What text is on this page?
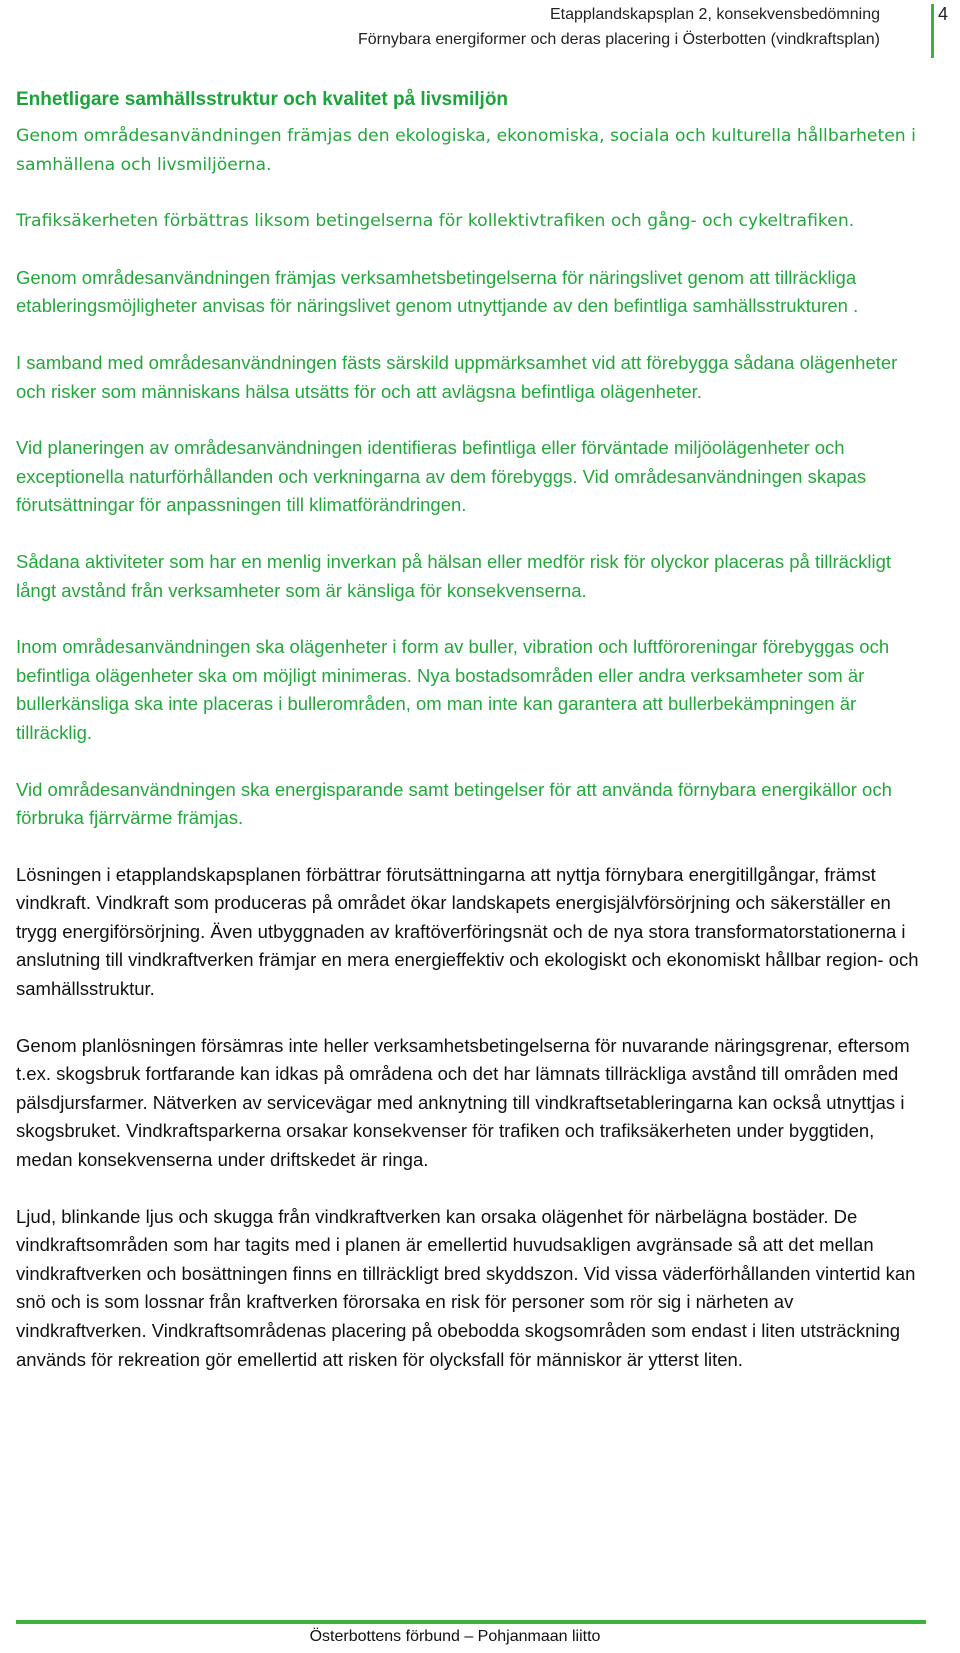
Etapplandskapsplan 2, konsekvensbedömning
Förnybara energiformer och deras placering i Österbotten (vindkraftsplan)
4
Enhetligare samhällsstruktur och kvalitet på livsmiljön

Genom områdesanvändningen främjas den ekologiska, ekonomiska, sociala och kulturella hållbarheten i samhällena och livsmiljöerna.

Trafiksäkerheten förbättras liksom betingelserna för kollektivtrafiken och gång- och cykeltrafiken.

Genom områdesanvändningen främjas verksamhetsbetingelserna för näringslivet genom att tillräckliga etableringsmöjligheter anvisas för näringslivet genom utnyttjande av den befintliga samhällsstrukturen .

I samband med områdesanvändningen fästs särskild uppmärksamhet vid att förebygga sådana olägenheter och risker som människans hälsa utsätts för och att avlägsna befintliga olägenheter.

Vid planeringen av områdesanvändningen identifieras befintliga eller förväntade miljöolägenheter och exceptionella naturförhållanden och verkningarna av dem förebyggs. Vid områdesanvändningen skapas förutsättningar för anpassningen till klimatförändringen.

Sådana aktiviteter som har en menlig inverkan på hälsan eller medför risk för olyckor placeras på tillräckligt långt avstånd från verksamheter som är känsliga för konsekvenserna.

Inom områdesanvändningen ska olägenheter i form av buller, vibration och luftföroreningar förebyggas och befintliga olägenheter ska om möjligt minimeras. Nya bostadsområden eller andra verksamheter som är bullerkänsliga ska inte placeras i bullerområden, om man inte kan garantera att bullerbekämpningen är tillräcklig.

Vid områdesanvändningen ska energisparande samt betingelser för att använda förnybara energikällor och förbruka fjärrvärme främjas.

Lösningen i etapplandskapsplanen förbättrar förutsättningarna att nyttja förnybara energitillgångar, främst vindkraft. Vindkraft som produceras på området ökar landskapets energisjälvförsörjning och säkerställer en trygg energiförsörjning. Även utbyggnaden av kraftöverföringsnät och de nya stora transformatorstationerna i anslutning till vindkraftverken främjar en mera energieffektiv och ekologiskt och ekonomiskt hållbar region- och samhällsstruktur.

Genom planlösningen försämras inte heller verksamhetsbetingelserna för nuvarande näringsgrenar, eftersom t.ex. skogsbruk fortfarande kan idkas på områdena och det har lämnats tillräckliga avstånd till områden med pälsdjursfarmer. Nätverken av servicevägar med anknytning till vindkraftsetableringarna kan också utnyttjas i skogsbruket. Vindkraftsparkerna orsakar konsekvenser för trafiken och trafiksäkerheten under byggtiden, medan konsekvenserna under driftskedet är ringa.

Ljud, blinkande ljus och skugga från vindkraftverken kan orsaka olägenhet för närbelägna bostäder. De vindkraftsområden som har tagits med i planen är emellertid huvudsakligen avgränsade så att det mellan vindkraftverken och bosättningen finns en tillräckligt bred skyddszon. Vid vissa väderförhållanden vintertid kan snö och is som lossnar från kraftverken förorsaka en risk för personer som rör sig i närheten av vindkraftverken. Vindkraftsområdenas placering på obebodda skogsområden som endast i liten utsträckning används för rekreation gör emellertid att risken för olycksfall för människor är ytterst liten.

Österbottens förbund – Pohjanmaan liitto
